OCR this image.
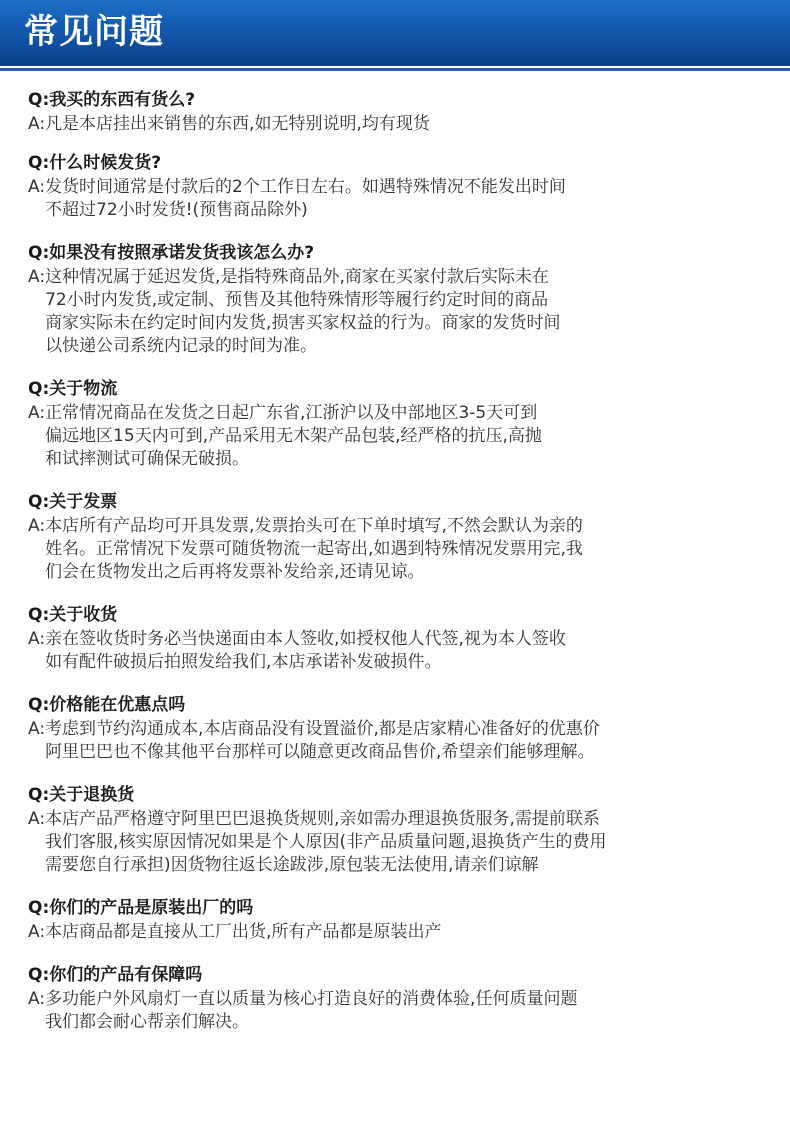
常见问题
Q:我买的东西有货么?
A: 凡是本店挂出来销售的东西,如无特别说明,均有现货
Q:什么时候发货?
A: 发货时间通常是付款后的2个工作日左右。如遇特殊情况不能发出时间
不超过72小时发货!(预售商品除外)
Q:如果没有按照承诺发货我该怎么办?
A: 这种情况属于延迟发货,是指特殊商品外,商家在买家付款后实际未在
72小时内发货,或定制、预售及其他特殊情形等履行约定时间的商品
商家实际未在约定时间内发货,损害买家权益的行为。商家的发货时间
以快递公司系统内记录的时间为准。
Q:关于物流
A: 正常情况商品在发货之日起广东省,江浙沪以及中部地区3-5天可到
偏远地区15天内可到,产品采用无木架产品包装,经严格的抗压,高抛
和试摔测试可确保无破损。
Q:关于发票
A: 本店所有产品均可开具发票,发票抬头可在下单时填写,不然会默认为亲的
姓名。正常情况下发票可随货物流一起寄出,如遇到特殊情况发票用完,我
们会在货物发出之后再将发票补发给亲,还请见谅。
Q:关于收货
A: 亲在签收货时务必当快递面由本人签收,如授权他人代签,视为本人签收
如有配件破损后拍照发给我们,本店承诺补发破损件。
Q:价格能在优惠点吗
A: 考虑到节约沟通成本,本店商品没有设置溢价,都是店家精心准备好的优惠价
阿里巴巴也不像其他平台那样可以随意更改商品售价,希望亲们能够理解。
Q:关于退换货
A: 本店产品严格遵守阿里巴巴退换货规则,亲如需办理退换货服务,需提前联系
我们客服,核实原因情况如果是个人原因(非产品质量问题,退换货产生的费用
需要您自行承担)因货物往返长途跋涉,原包装无法使用,请亲们谅解
Q:你们的产品是原装出厂的吗
A: 本店商品都是直接从工厂出货,所有产品都是原装出产
Q:你们的产品有保障吗
A: 多功能户外风扇灯一直以质量为核心打造良好的消费体验,任何质量问题
我们都会耐心帮亲们解决。
